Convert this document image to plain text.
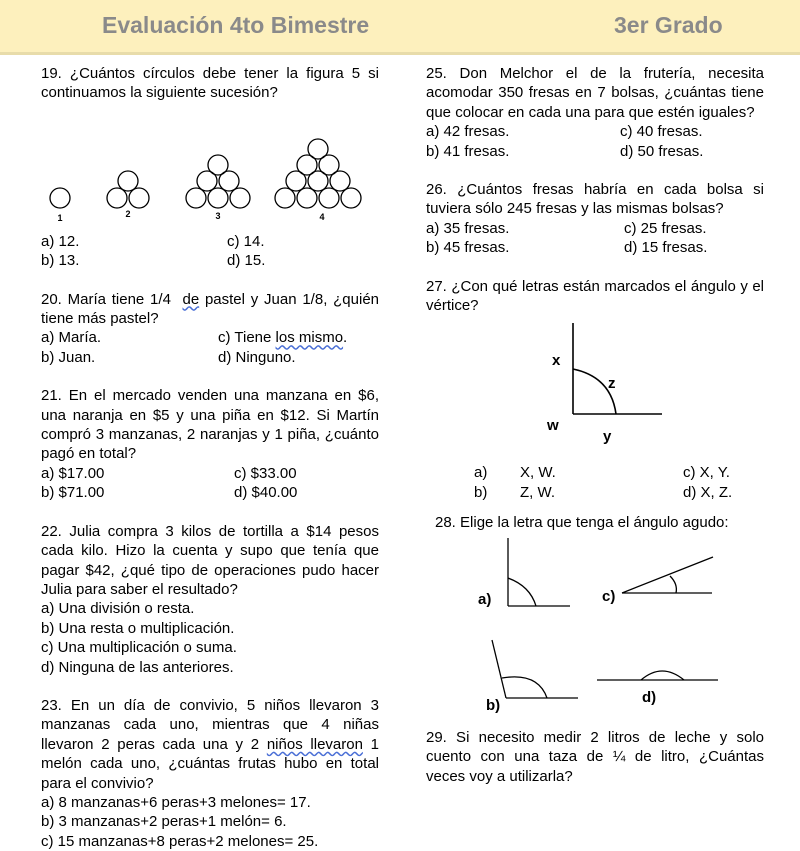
Evaluación 4to Bimestre	3er Grado

19. ¿Cuántos círculos debe tener la figura 5 si continuamos la siguiente sucesión?

1	2	3	4

a) 12.	c) 14.

b) 13.	d) 15.

20. María tiene 1/4 de pastel y Juan 1/8, ¿quién tiene más pastel?

a) María.	c) Tiene los mismo.

b) Juan.	d) Ninguno.

21. En el mercado venden una manzana en $6, una naranja en $5 y una piña en $12. Si Martín compró 3 manzanas, 2 naranjas y 1 piña, ¿cuánto pagó en total?

a) $17.00	c) $33.00

b) $71.00	d) $40.00

22. Julia compra 3 kilos de tortilla a $14 pesos cada kilo. Hizo la cuenta y supo que tenía que pagar $42, ¿qué tipo de operaciones pudo hacer Julia para saber el resultado?

a) Una división o resta.

b) Una resta o multiplicación.

c) Una multiplicación o suma.

d) Ninguna de las anteriores.

23. En un día de convivio, 5 niños llevaron 3 manzanas cada uno, mientras que 4 niñas llevaron 2 peras cada una y 2 niños llevaron 1 melón cada uno, ¿cuántas frutas hubo en total para el convivio?

a) 8 manzanas+6 peras+3 melones= 17.

b) 3 manzanas+2 peras+1 melón= 6.

c) 15 manzanas+8 peras+2 melones= 25.

25. Don Melchor el de la frutería, necesita acomodar 350 fresas en 7 bolsas, ¿cuántas tiene que colocar en cada una para que estén iguales?

a) 42 fresas.	c) 40 fresas.

b) 41 fresas.	d) 50 fresas.

26. ¿Cuántos fresas habría en cada bolsa si tuviera sólo 245 fresas y las mismas bolsas?

a) 35 fresas.	c) 25 fresas.

b) 45 fresas.	d) 15 fresas.

27. ¿Con qué letras están marcados el ángulo y el vértice?

x
z
w
y
a) X, W.
b) Z, W.
c) X, Y.
d) X, Z.

28. Elige la letra que tenga el ángulo agudo:

a)	c)
b)	d)

29. Si necesito medir 2 litros de leche y solo cuento con una taza de ¼ de litro, ¿Cuántas veces voy a utilizarla?
